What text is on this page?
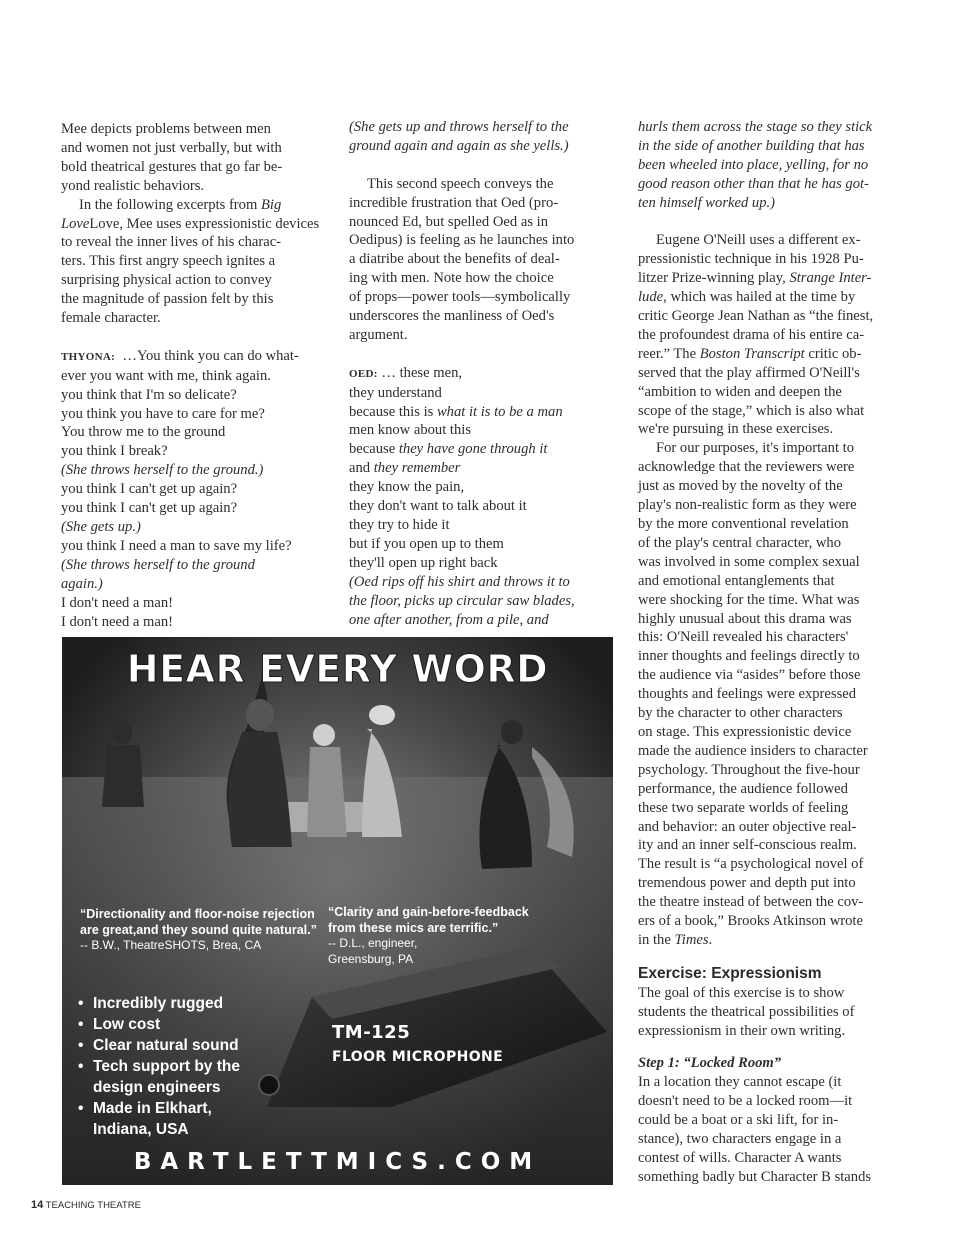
Mee depicts problems between men
and women not just verbally, but with
bold theatrical gestures that go far be-
yond realistic behaviors.
In the following excerpts from Big
LoveLove, Mee uses expressionistic devices
to reveal the inner lives of his charac-
ters. This first angry speech ignites a
surprising physical action to convey
the magnitude of passion felt by this
female character.
THYONA: …You think you can do what-
ever you want with me, think again.
you think that I'm so delicate?
you think you have to care for me?
You throw me to the ground
you think I break?
(She throws herself to the ground.)
you think I can't get up again?
you think I can't get up again?
(She gets up.)
you think I need a man to save my life?
(She throws herself to the ground
again.)
I don't need a man!
I don't need a man!
(She gets up and throws herself to the
ground again and again as she yells.)
This second speech conveys the
incredible frustration that Oed (pro-
nounced Ed, but spelled Oed as in
Oedipus) is feeling as he launches into
a diatribe about the benefits of deal-
ing with men. Note how the choice
of props—power tools—symbolically
underscores the manliness of Oed's
argument.
OED: … these men,
they understand
because this is what it is to be a man
men know about this
because they have gone through it
and they remember
they know the pain,
they don't want to talk about it
they try to hide it
but if you open up to them
they'll open up right back
(Oed rips off his shirt and throws it to
the floor, picks up circular saw blades,
one after another, from a pile, and
hurls them across the stage so they stick
in the side of another building that has
been wheeled into place, yelling, for no
good reason other than that he has got-
ten himself worked up.)
Eugene O'Neill uses a different ex-
pressionistic technique in his 1928 Pu-
litzer Prize-winning play, Strange Inter-
lude, which was hailed at the time by
critic George Jean Nathan as “the finest,
the profoundest drama of his entire ca-
reer.” The Boston Transcript critic ob-
served that the play affirmed O'Neill's
“ambition to widen and deepen the
scope of the stage,” which is also what
we're pursuing in these exercises.
For our purposes, it's important to
acknowledge that the reviewers were
just as moved by the novelty of the
play's non-realistic form as they were
by the more conventional revelation
of the play's central character, who
was involved in some complex sexual
and emotional entanglements that
were shocking for the time. What was
highly unusual about this drama was
this: O'Neill revealed his characters'
inner thoughts and feelings directly to
the audience via “asides” before those
thoughts and feelings were expressed
by the character to other characters
on stage. This expressionistic device
made the audience insiders to character
psychology. Throughout the five-hour
performance, the audience followed
these two separate worlds of feeling
and behavior: an outer objective real-
ity and an inner self-conscious realm.
The result is “a psychological novel of
tremendous power and depth put into
the theatre instead of between the cov-
ers of a book,” Brooks Atkinson wrote
in the Times.
Exercise: Expressionism
The goal of this exercise is to show
students the theatrical possibilities of
expressionism in their own writing.
Step 1: “Locked Room”
In a location they cannot escape (it
doesn't need to be a locked room—it
could be a boat or a ski lift, for in-
stance), two characters engage in a
contest of wills. Character A wants
something badly but Character B stands
HEAR EVERY WORD
“Directionality and floor-noise rejection
are great,and they sound quite natural.”
-- B.W., TheatreSHOTS, Brea, CA
“Clarity and gain-before-feedback
from these mics are terrific.”
-- D.L., engineer,
Greensburg, PA
• Incredibly rugged
• Low cost
• Clear natural sound
• Tech support by the
design engineers
• Made in Elkhart,
Indiana, USA
TM-125
FLOOR MICROPHONE
BARTLETTMICS.COM
14 TEACHING THEATRE
